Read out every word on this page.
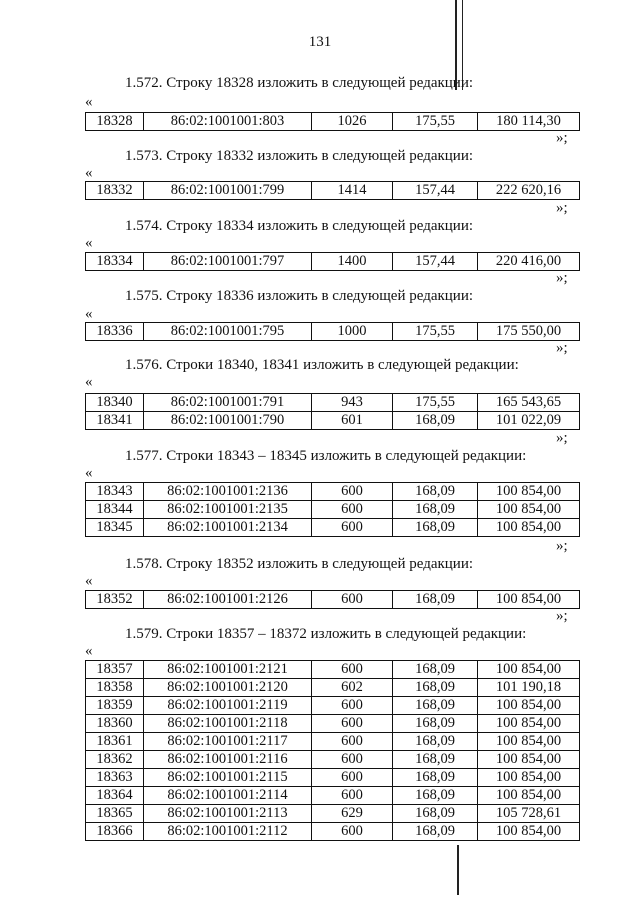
131
1.572. Строку 18328 изложить в следующей редакции:
«
18328	86:02:1001001:803	1026	175,55	180 114,30
»;
1.573. Строку 18332 изложить в следующей редакции:
«
18332	86:02:1001001:799	1414	157,44	222 620,16
»;
1.574. Строку 18334 изложить в следующей редакции:
«
18334	86:02:1001001:797	1400	157,44	220 416,00
»;
1.575. Строку 18336 изложить в следующей редакции:
«
18336	86:02:1001001:795	1000	175,55	175 550,00
»;
1.576. Строки 18340, 18341 изложить в следующей редакции:
«
18340	86:02:1001001:791	943	175,55	165 543,65
18341	86:02:1001001:790	601	168,09	101 022,09
»;
1.577. Строки 18343 – 18345 изложить в следующей редакции:
«
18343	86:02:1001001:2136	600	168,09	100 854,00
18344	86:02:1001001:2135	600	168,09	100 854,00
18345	86:02:1001001:2134	600	168,09	100 854,00
»;
1.578. Строку 18352 изложить в следующей редакции:
«
18352	86:02:1001001:2126	600	168,09	100 854,00
»;
1.579. Строки 18357 – 18372 изложить в следующей редакции:
«
18357	86:02:1001001:2121	600	168,09	100 854,00
18358	86:02:1001001:2120	602	168,09	101 190,18
18359	86:02:1001001:2119	600	168,09	100 854,00
18360	86:02:1001001:2118	600	168,09	100 854,00
18361	86:02:1001001:2117	600	168,09	100 854,00
18362	86:02:1001001:2116	600	168,09	100 854,00
18363	86:02:1001001:2115	600	168,09	100 854,00
18364	86:02:1001001:2114	600	168,09	100 854,00
18365	86:02:1001001:2113	629	168,09	105 728,61
18366	86:02:1001001:2112	600	168,09	100 854,00
